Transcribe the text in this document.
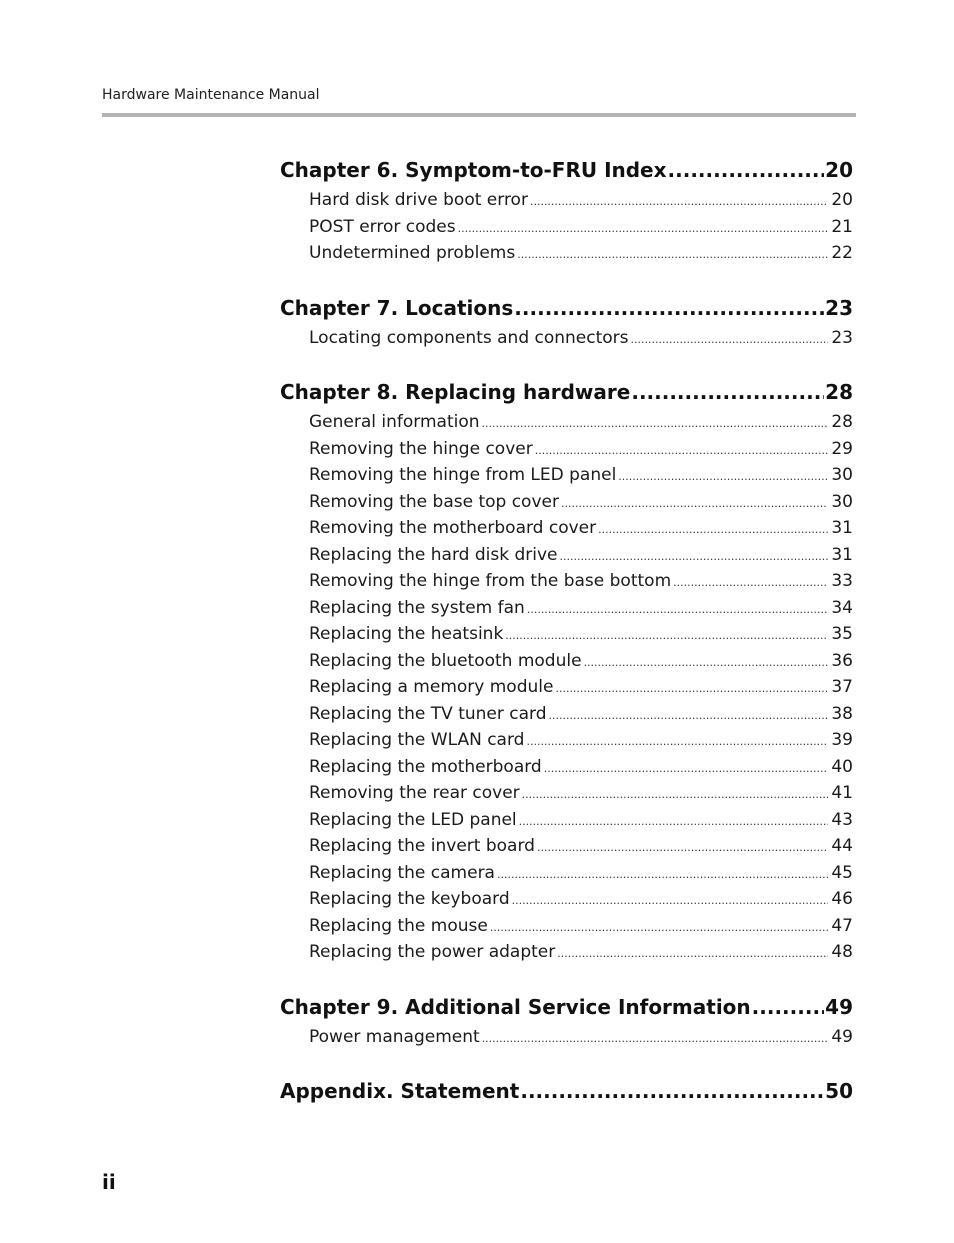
Hardware Maintenance Manual
Chapter 6. Symptom-to-FRU Index .....	20
Hard disk drive boot error .....	20
POST error codes .....	21
Undetermined problems .....	22
Chapter 7. Locations .....	23
Locating components and connectors .....	23
Chapter 8. Replacing hardware .....	28
General information .....	28
Removing the hinge cover .....	29
Removing the hinge from LED panel .....	30
Removing the base top cover .....	30
Removing the motherboard cover .....	31
Replacing the hard disk drive .....	31
Removing the hinge from the base bottom .....	33
Replacing the system fan .....	34
Replacing the heatsink .....	35
Replacing the bluetooth module .....	36
Replacing a memory module .....	37
Replacing the TV tuner card .....	38
Replacing the WLAN card .....	39
Replacing the motherboard .....	40
Removing the rear cover .....	41
Replacing the LED panel .....	43
Replacing the invert board .....	44
Replacing the camera .....	45
Replacing the keyboard .....	46
Replacing the mouse .....	47
Replacing the power adapter .....	48
Chapter 9. Additional Service Information .....	49
Power management .....	49
Appendix. Statement .....	50
ii
